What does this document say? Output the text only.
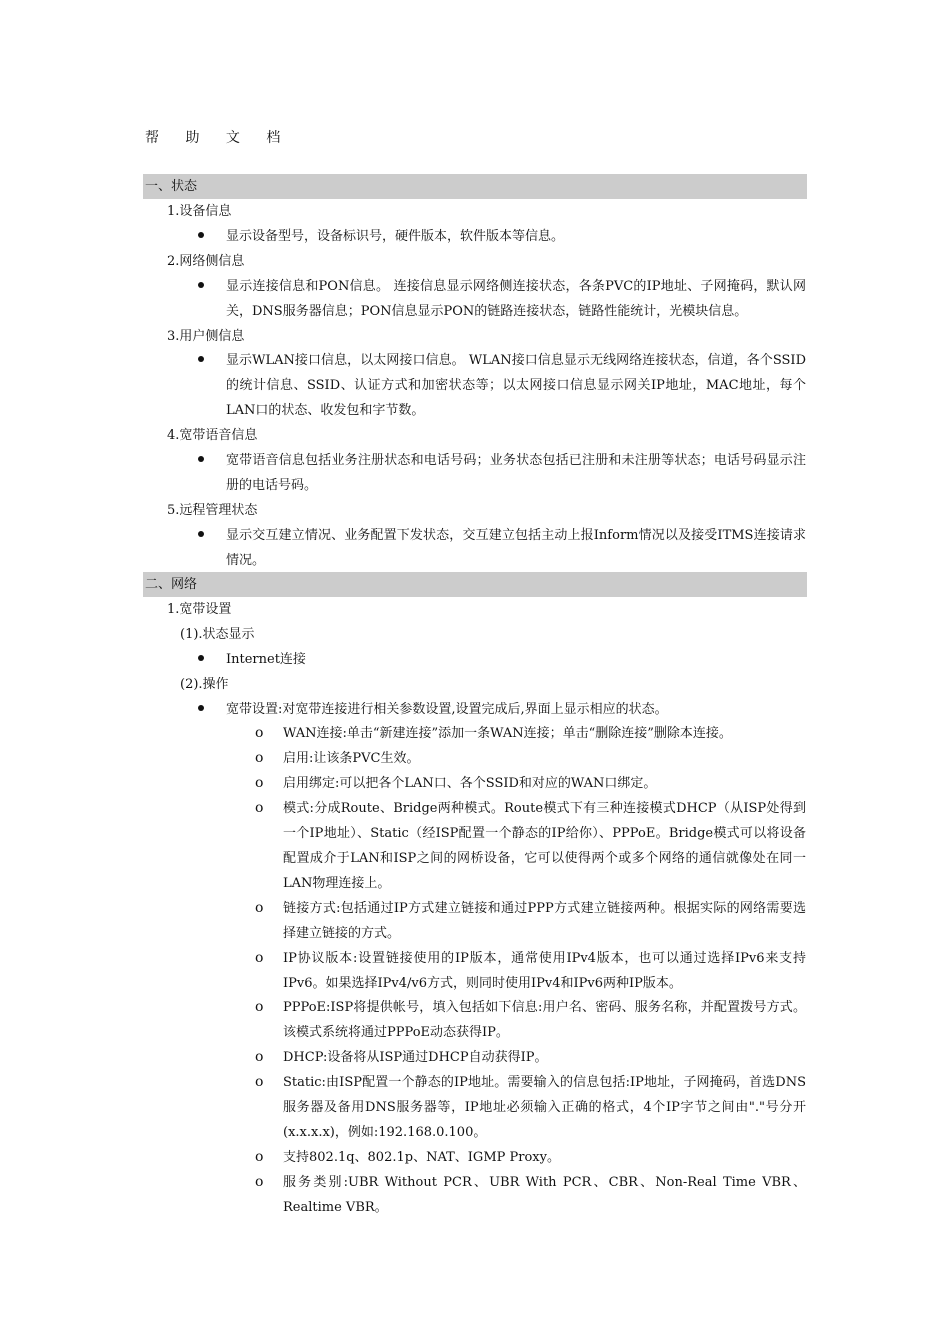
帮 助 文 档
一、状态
1.设备信息
显示设备型号，设备标识号，硬件版本，软件版本等信息。
2.网络侧信息
显示连接信息和PON信息。 连接信息显示网络侧连接状态，各条PVC的IP地址、子网掩码，默认网关，DNS服务器信息；PON信息显示PON的链路连接状态，链路性能统计，光模块信息。
3.用户侧信息
显示WLAN接口信息，以太网接口信息。 WLAN接口信息显示无线网络连接状态，信道，各个SSID的统计信息、SSID、认证方式和加密状态等；以太网接口信息显示网关IP地址，MAC地址，每个LAN口的状态、收发包和字节数。
4.宽带语音信息
宽带语音信息包括业务注册状态和电话号码；业务状态包括已注册和未注册等状态；电话号码显示注册的电话号码。
5.远程管理状态
显示交互建立情况、业务配置下发状态，交互建立包括主动上报Inform情况以及接受ITMS连接请求情况。
二、网络
1.宽带设置
(1).状态显示
Internet连接
(2).操作
宽带设置:对宽带连接进行相关参数设置,设置完成后,界面上显示相应的状态。
o WAN连接:单击“新建连接”添加一条WAN连接；单击“删除连接”删除本连接。
o 启用:让该条PVC生效。
o 启用绑定:可以把各个LAN口、各个SSID和对应的WAN口绑定。
o 模式:分成Route、Bridge两种模式。Route模式下有三种连接模式DHCP（从ISP处得到一个IP地址）、Static（经ISP配置一个静态的IP给你）、PPPoE。Bridge模式可以将设备配置成介于LAN和ISP之间的网桥设备，它可以使得两个或多个网络的通信就像处在同一LAN物理连接上。
o 链接方式:包括通过IP方式建立链接和通过PPP方式建立链接两种。根据实际的网络需要选择建立链接的方式。
o IP协议版本:设置链接使用的IP版本，通常使用IPv4版本，也可以通过选择IPv6来支持IPv6。如果选择IPv4/v6方式，则同时使用IPv4和IPv6两种IP版本。
o PPPoE:ISP将提供帐号，填入包括如下信息:用户名、密码、服务名称，并配置拨号方式。该模式系统将通过PPPoE动态获得IP。
o DHCP:设备将从ISP通过DHCP自动获得IP。
o Static:由ISP配置一个静态的IP地址。需要输入的信息包括:IP地址，子网掩码，首选DNS服务器及备用DNS服务器等，IP地址必须输入正确的格式，4个IP字节之间由"."号分开(x.x.x.x)，例如:192.168.0.100。
o 支持802.1q、802.1p、NAT、IGMP Proxy。
o 服务类别:UBR Without PCR、UBR With PCR、CBR、Non-Real Time VBR、Realtime VBR。
